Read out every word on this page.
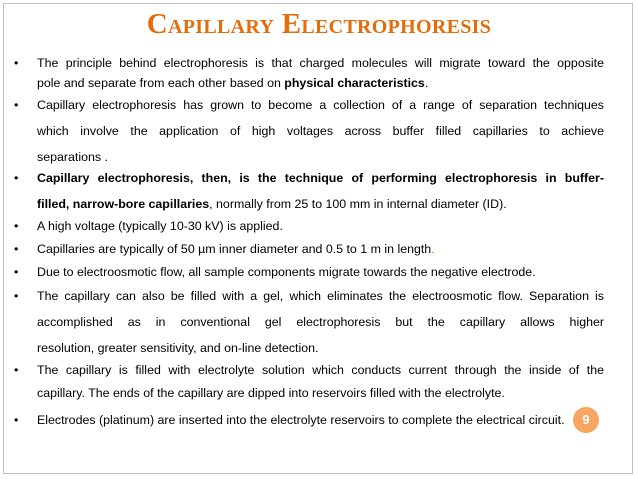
Capillary Electrophoresis
• The principle behind electrophoresis is that charged molecules will migrate toward the opposite
pole and separate from each other based on physical characteristics.
• Capillary electrophoresis has grown to become a collection of a range of separation techniques
which involve the application of high voltages across buffer filled capillaries to achieve
separations .
• Capillary electrophoresis, then, is the technique of performing electrophoresis in buffer-
filled, narrow-bore capillaries, normally from 25 to 100 mm in internal diameter (ID).
• A high voltage (typically 10-30 kV) is applied.
• Capillaries are typically of 50 µm inner diameter and 0.5 to 1 m in length.
• Due to electroosmotic flow, all sample components migrate towards the negative electrode.
• The capillary can also be filled with a gel, which eliminates the electroosmotic flow. Separation is
accomplished as in conventional gel electrophoresis but the capillary allows higher
resolution, greater sensitivity, and on-line detection.
• The capillary is filled with electrolyte solution which conducts current through the inside of the
capillary. The ends of the capillary are dipped into reservoirs filled with the electrolyte.
• Electrodes (platinum) are inserted into the electrolyte reservoirs to complete the electrical circuit.	9
